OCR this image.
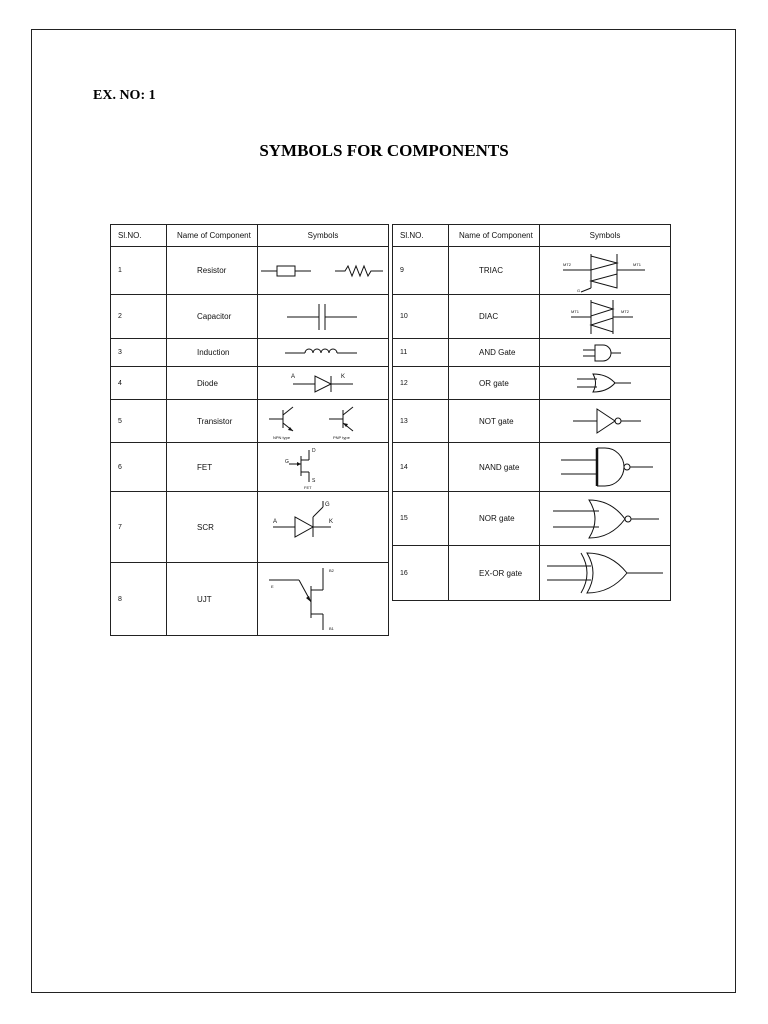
EX. NO: 1
SYMBOLS FOR COMPONENTS
Sl.NO.	Name of Component	Symbols

1	Resistor

2	Capacitor

3	Induction

4	Diode	A K

5	Transistor	NPN type PNP type

6	FET	G
D
S
FET

7	SCR	A K
G

8	UJT	E
B2
B1
Sl.NO.	Name of Component	Symbols

9	TRIAC	MT2 MT1
G

10	DIAC	MT1 MT2

11	AND Gate

12	OR gate

13	NOT gate

14	NAND gate

15	NOR gate

16	EX-OR gate
